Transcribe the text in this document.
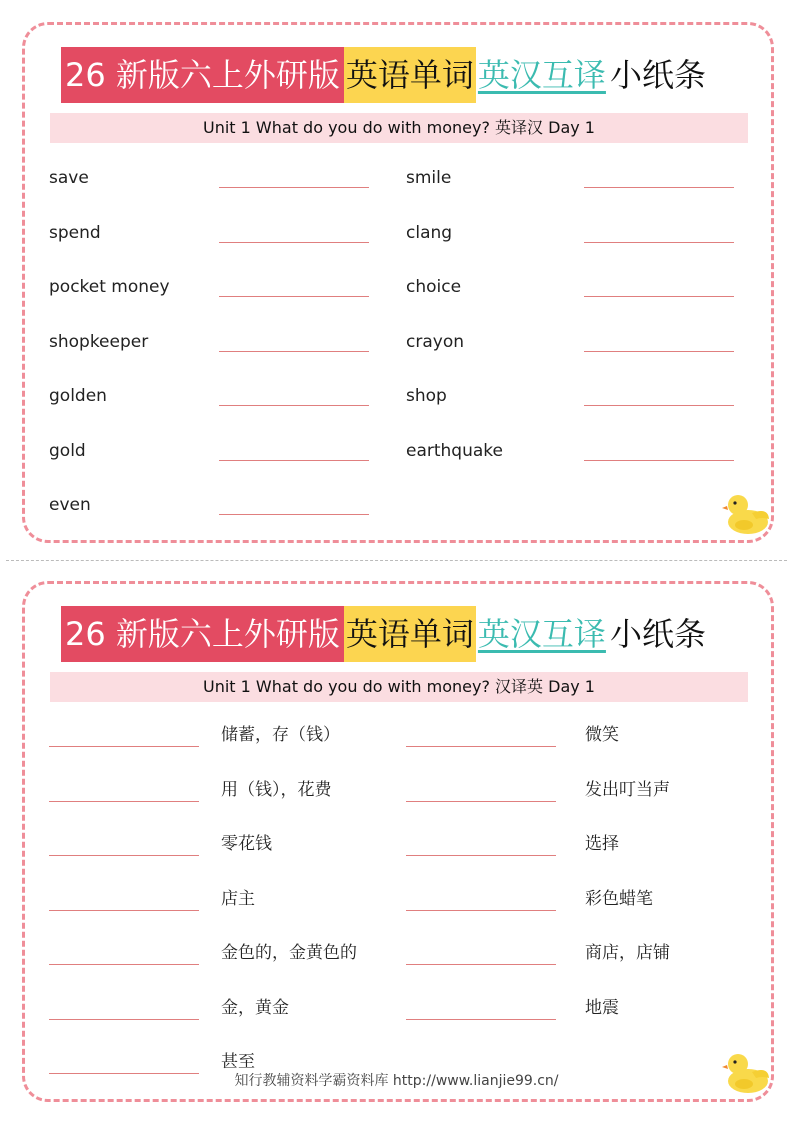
26 新版六上外研版 英语单词 英汉互译 小纸条
Unit 1 What do you do with money? 英译汉 Day 1
save
spend
pocket money
shopkeeper
golden
gold
even
smile
clang
choice
crayon
shop
earthquake
26 新版六上外研版 英语单词 英汉互译 小纸条
Unit 1 What do you do with money? 汉译英 Day 1
储蓄，存（钱）
用（钱），花费
零花钱
店主
金色的，金黄色的
金，黄金
甚至
微笑
发出叮当声
选择
彩色蜡笔
商店，店铺
地震
知行教辅资料学霸资料库 http://www.lianjie99.cn/
